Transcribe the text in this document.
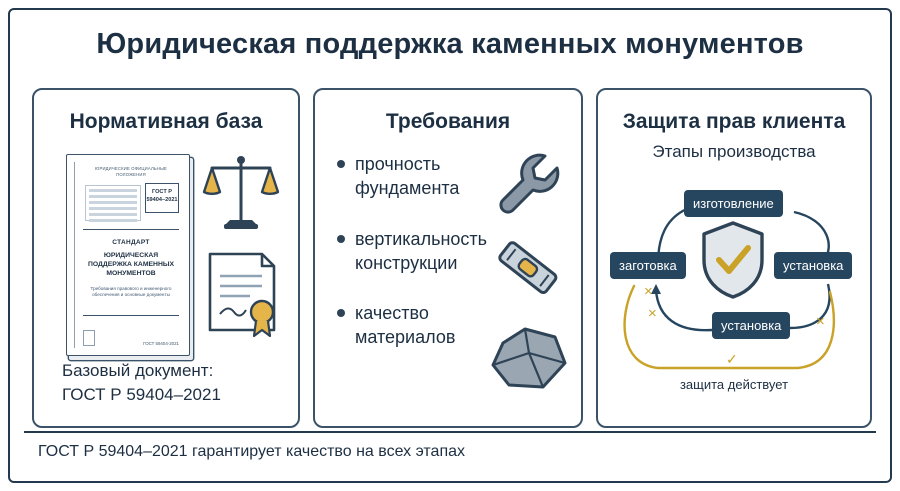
Юридическая поддержка каменных монументов
Нормативная база
ЮРИДИЧЕСКИЕ ОФИЦИАЛЬНЫЕ ПОЛОЖЕНИЯ
ГОСТ Р 59404–2021
СТАНДАРТ
ЮРИДИЧЕСКАЯ ПОДДЕРЖКА КАМЕННЫХ МОНУМЕНТОВ
Требования правового и инженерного обеспечения и основные документы
ГОСТ 59404-2021
Базовый документ:
ГОСТ Р 59404–2021
Требования
прочность фундамента
вертикальность конструкции
качество материалов
Защита прав клиента
Этапы производства
×
×	×
✓
изготовление
заготовка	установка
установка
защита действует
ГОСТ Р 59404–2021 гарантирует качество на всех этапах
